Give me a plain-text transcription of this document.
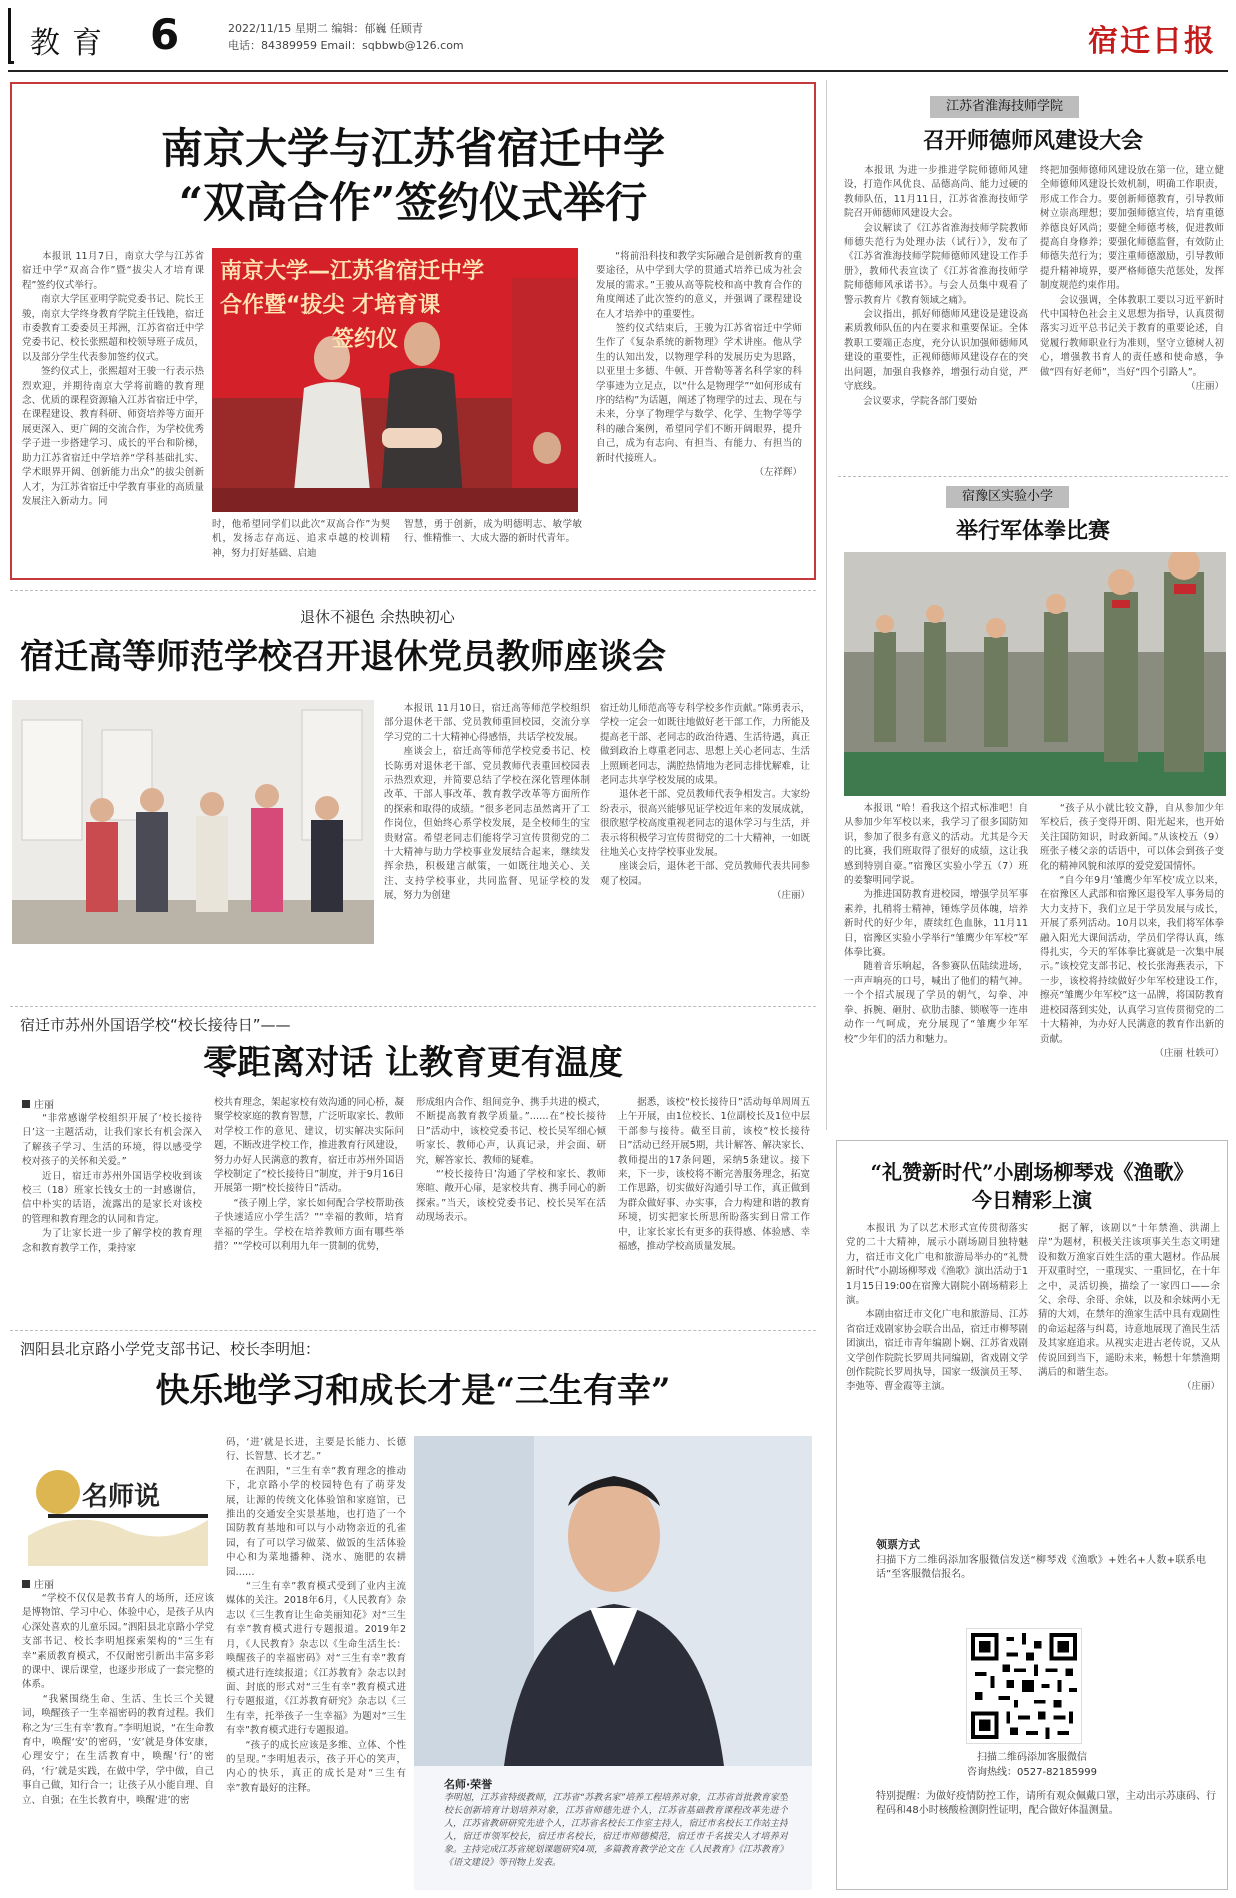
教育 6	2022/11/15 星期二 编辑：郁巍 任顾青
电话：84389959 Email：sqbbwb@126.com	宿迁日报
南京大学与江苏省宿迁中学
“双高合作”签约仪式举行
　　本报讯 11月7日，南京大学与江苏省宿迁中学“双高合作”暨“拔尖人才培育课程”签约仪式举行。
　　南京大学匡亚明学院党委书记、院长王骏，南京大学终身教育学院主任钱艳，宿迁市委教育工委委员王邦洲，江苏省宿迁中学党委书记、校长张熙超和校领导班子成员，以及部分学生代表参加签约仪式。
　　签约仪式上，张熙超对王骏一行表示热烈欢迎，并期待南京大学将前瞻的教育理念、优质的课程资源输入江苏省宿迁中学，在课程建设、教育科研、师资培养等方面开展更深入、更广阔的交流合作，为学校优秀学子进一步搭建学习、成长的平台和阶梯，助力江苏省宿迁中学培养“学科基础扎实、学术眼界开阔、创新能力出众”的拔尖创新人才，为江苏省宿迁中学教育事业的高质量发展注入新动力。同
南京大学—江苏省宿迁中学
合作暨“拔尖 才培育课
签约仪
时，他希望同学们以此次“双高合作”为契机，发扬志存高远、追求卓越的校训精神，努力打好基础、启迪
智慧，勇于创新，成为明德明志、敏学敏行、惟精惟一、大成大器的新时代青年。
　　“将前沿科技和教学实际融合是创新教育的重要途径，从中学到大学的贯通式培养已成为社会发展的需求。”王骏从高等院校和高中教育合作的角度阐述了此次签约的意义，并强调了课程建设在人才培养中的重要性。
　　签约仪式结束后，王骏为江苏省宿迁中学师生作了《复杂系统的新物理》学术讲座。他从学生的认知出发，以物理学科的发展历史为思路，以亚里士多德、牛顿、开普勒等著名科学家的科学事迹为立足点，以“什么是物理学”“如何形成有序的结构”为话题，阐述了物理学的过去、现在与未来，分享了物理学与数学、化学、生物学等学科的融合案例，希望同学们不断开阔眼界，提升自己，成为有志向、有担当、有能力、有担当的新时代接班人。
（左祥辉）
江苏省淮海技师学院
召开师德师风建设大会
　　本报讯 为进一步推进学院师德师风建设，打造作风优良、品德高尚、能力过硬的教师队伍，11月11日，江苏省淮海技师学院召开师德师风建设大会。
　　会议解读了《江苏省淮海技师学院教师师德失范行为处理办法（试行）》，发布了《江苏省淮海技师学院师德师风建设工作手册》，教师代表宣读了《江苏省淮海技师学院师德师风承诺书》。与会人员集中观看了警示教育片《教育领域之痛》。
　　会议指出，抓好师德师风建设是建设高素质教师队伍的内在要求和重要保证。全体教职工要端正态度，充分认识加强师德师风建设的重要性，正视师德师风建设存在的突出问题，加强自我修养，增强行动自觉，严守底线。
　　会议要求，学院各部门要始
终把加强师德师风建设放在第一位，建立健全师德师风建设长效机制，明确工作职责，形成工作合力。要创新师德教育，引导教师树立崇高理想；要加强师德宣传，培育重德养德良好风尚；要健全师德考核，促进教师提高自身修养；要强化师德监督，有效防止师德失范行为；要注重师德激励，引导教师提升精神境界，要严格师德失范惩处，发挥制度规范约束作用。
　　会议强调，全体教职工要以习近平新时代中国特色社会主义思想为指导，认真贯彻落实习近平总书记关于教育的重要论述，自觉履行教师职业行为准则，坚守立德树人初心，增强教书育人的责任感和使命感，争做“四有好老师”，当好“四个引路人”。
（庄丽）
宿豫区实验小学
举行军体拳比赛
　　本报讯 “哈！看我这个招式标准吧！自从参加少年军校以来，我学习了很多国防知识，参加了很多有意义的活动。尤其是今天的比赛，我们班取得了很好的成绩，这让我感到特别自豪。”宿豫区实验小学五（7）班的姜黎明同学说。
　　为推进国防教育进校园，增强学员军事素养，扎稍将士精神，锤炼学员体魄，培养新时代的好少年，赓续红色血脉，11月11日，宿豫区实验小学举行“雏鹰少年军校”军体拳比赛。
　　随着音乐响起，各参赛队伍陆续进场，一声声响亮的口号，喊出了他们的精气神。一个个招式展现了学员的朝气，勾拳、冲拳、拆腕、砸肘、砍肋击膝、锁喉等一连串动作一气呵成，充分展现了“雏鹰少年军校”少年们的活力和魅力。
　　“孩子从小就比较文静，自从参加少年军校后，孩子变得开朗、阳光起来，也开始关注国防知识，时政新闻。”从该校五（9）班张子楼父亲的话语中，可以体会到孩子变化的精神风貌和浓厚的爱党爱国情怀。
　　“自今年9月‘雏鹰少年军校’成立以来，在宿豫区人武部和宿豫区退役军人事务局的大力支持下，我们立足于学员发展与成长，开展了系列活动。10月以来，我们将军体拳融入阳光大课间活动，学员们学得认真，练得扎实，今天的军体拳比赛就是一次集中展示。”该校党支部书记、校长张海燕表示，下一步，该校将持续做好少年军校建设工作，擦亮“雏鹰少年军校”这一品牌，将国防教育进校园落到实处，认真学习宣传贯彻党的二十大精神，为办好人民满意的教育作出新的贡献。
（庄丽 杜轶可）
退休不褪色 余热映初心
宿迁高等师范学校召开退休党员教师座谈会
　　本报讯 11月10日，宿迁高等师范学校组织部分退休老干部、党员教师重回校园，交流分享学习党的二十大精神心得感悟，共话学校发展。
　　座谈会上，宿迁高等师范学校党委书记、校长陈勇对退休老干部、党员教师代表重回校园表示热烈欢迎，并简要总结了学校在深化管理体制改革、干部人事改革、教育教学改革等方面所作的探索和取得的成绩。“很多老同志虽然离开了工作岗位，但始终心系学校发展，是全校师生的宝贵财富。希望老同志们能将学习宣传贯彻党的二十大精神与助力学校事业发展结合起来，继续发挥余热，积极建言献策，一如既往地关心、关注、支持学校事业，共同监督、见证学校的发展，努力为创建
宿迁幼儿师范高等专科学校多作贡献。”陈勇表示，学校一定会一如既往地做好老干部工作，力所能及提高老干部、老同志的政治待遇、生活待遇，真正做到政治上尊重老同志、思想上关心老同志、生活上照顾老同志，满腔热情地为老同志排忧解难，让老同志共享学校发展的成果。
　　退休老干部、党员教师代表争相发言。大家纷纷表示，很高兴能够见证学校近年来的发展成就，很欣慰学校高度重视老同志的退休学习与生活，并表示将积极学习宣传贯彻党的二十大精神，一如既往地关心支持学校事业发展。
　　座谈会后，退休老干部、党员教师代表共同参观了校园。
（庄丽）
宿迁市苏州外国语学校“校长接待日”——
零距离对话 让教育更有温度
庄丽
　　“非常感谢学校组织开展了‘校长接待日’这一主题活动，让我们家长有机会深入了解孩子学习、生活的环境，得以感受学校对孩子的关怀和关爱。”
　　近日，宿迁市苏州外国语学校收到该校三（18）班家长钱女士的一封感谢信，信中朴实的话语，流露出的是家长对该校的管理和教育理念的认同和肯定。
　　为了让家长进一步了解学校的教育理念和教育教学工作，秉持家
校共育理念，架起家校有效沟通的同心桥，凝聚学校家庭的教育智慧，广泛听取家长、教师对学校工作的意见、建议，切实解决实际问题，不断改进学校工作，推进教育行风建设，努力办好人民满意的教育，宿迁市苏州外国语学校制定了“校长接待日”制度，并于9月16日开展第一期“校长接待日”活动。
　　“孩子刚上学，家长如何配合学校帮助孩子快速适应小学生活？”“幸福的教师，培育幸福的学生。学校在培养教师方面有哪些举措？”“学校可以利用九年一贯制的优势，
形成组内合作、组间竞争、携手共进的模式，不断提高教育教学质量。”……在“校长接待日”活动中，该校党委书记、校长吴军细心倾听家长、教师心声，认真记录，并会面、研究，解答家长、教师的疑难。
　　“‘校长接待日’沟通了学校和家长、教师寒暄、敞开心扉，是家校共育、携手同心的新探索。”当天，该校党委书记、校长吴军在活动现场表示。
　　据悉，该校“校长接待日”活动每单周周五上午开展，由1位校长、1位副校长及1位中层干部参与接待。截至目前，该校“校长接待日”活动已经开展5期，共计解答、解决家长、教师提出的17条问题，采纳5条建议。接下来，下一步，该校将不断完善服务理念，拓宽工作思路，切实做好沟通引导工作，真正做到为群众做好事、办实事，合力构建和谐的教育环境，切实把家长所思所盼落实到日常工作中，让家长家长有更多的获得感、体验感、幸福感，推动学校高质量发展。
泗阳县北京路小学党支部书记、校长李明旭：
快乐地学习和成长才是“三生有幸”
名师说
庄丽
　　“学校不仅仅是教书育人的场所，还应该是博物馆、学习中心、体验中心，是孩子从内心深处喜欢的儿童乐园。”泗阳县北京路小学党支部书记、校长李明旭探索架构的“三生有幸”素质教育模式，不仅耐密引新出丰富多彩的课中、课后课堂，也逐步形成了一套完整的体系。
　　“我紧围绕生命、生活、生长三个关键词，唤醒孩子一生幸福密码的教育过程。我们称之为‘三生有幸’教育。”李明旭说，“在生命教育中，唤醒‘安’的密码，‘安’就是身体安康，心理安宁；在生活教育中，唤醒‘行’的密码，‘行’就是实践，在做中学，学中做，自己事自己做，知行合一；让孩子从小能自理、自立、自强；在生长教育中，唤醒‘进’的密
码，‘进’就是长进，主要是长能力、长德行、长智慧、长才艺。”
　　在泗阳，“三生有幸”教育理念的推动下，北京路小学的校园特色有了萌芽发展，让源的传统文化体验馆和家庭馆，已推出的交通安全实景基地，也打造了一个国防教育基地和可以与小动物亲近的孔雀园，有了可以学习做菜、做饭的生活体验中心和为菜地播种、浇水、施肥的农耕园……
　　“三生有幸”教育模式受到了业内主流媒体的关注。2018年6月，《人民教育》杂志以《三生教育让生命美丽知花》对“三生有幸”教育模式进行专题报道。2019年2月，《人民教育》杂志以《生命生活生长：唤醒孩子的幸福密码》对“三生有幸”教育模式进行连续报道；《江苏教育》杂志以封面、封底的形式对“三生有幸”教育模式进行专题报道，《江苏教育研究》杂志以《三生有幸，托举孩子一生幸福》为题对“三生有幸”教育模式进行专题报道。
　　“孩子的成长应该是多维、立体、个性的呈现。”李明旭表示，孩子开心的笑声，内心的快乐，真正的成长是对“三生有幸”教育最好的注释。	名师·荣誉
李明旭，江苏省特级教师，江苏省“苏教名家”培养工程培养对象，江苏省首批教育家型校长创新培育计划培养对象，江苏省师德先进个人，江苏省基础教育课程改革先进个人，江苏省教研研究先进个人，江苏省名校长工作室主持人，宿迁市名校长工作站主持人，宿迁市领军校长，宿迁市名校长，宿迁市师德模范，宿迁市千名拔尖人才培养对象。主持完成江苏省规划课题研究4项，多篇教育教学论文在《人民教育》《江苏教育》《语文建设》等刊物上发表。
“礼赞新时代”小剧场柳琴戏《渔歌》
今日精彩上演
　　本报讯 为了以艺术形式宣传贯彻落实党的二十大精神，展示小剧场剧目独特魅力，宿迁市文化广电和旅游局举办的“礼赞新时代”小剧场柳琴戏《渔歌》演出活动于11月15日19:00在宿豫大剧院小剧场精彩上演。
　　本剧由宿迁市文化广电和旅游局、江苏省宿迁戏剧家协会联合出品，宿迁市柳琴剧团演出，宿迁市青年编剧卜娴、江苏省戏剧文学创作院院长罗周共同编剧，省戏剧文学创作院院长罗周执导，国家一级演员王琴、李弛等、曹金霞等主演。
　　据了解，该剧以“十年禁渔、洪湖上岸”为题材，积极关注该项事关生态文明建设和数万渔家百姓生活的重大题材。作品展开双重时空，一重现实、一重回忆，在十年之中，灵活切换，描绘了一家四口——余父、余母、余哥、余妹，以及和余妹两小无猜的大刘，在禁年的渔家生活中具有戏剧性的命运起落与纠葛，诗意地展现了渔民生活及其家庭追求。从视实走进古老传说，又从传说回到当下，遥盼未来，畅想十年禁渔期满后的和谐生态。
（庄丽）
领票方式
扫描下方二维码添加客服微信发送“柳琴戏《渔歌》+姓名+人数+联系电话”至客服微信报名。
扫描二维码添加客服微信
咨询热线：0527-82185999
特别提醒：为做好疫情防控工作，请所有观众佩戴口罩，主动出示苏康码、行程码和48小时核酸检测阴性证明，配合做好体温测量。
